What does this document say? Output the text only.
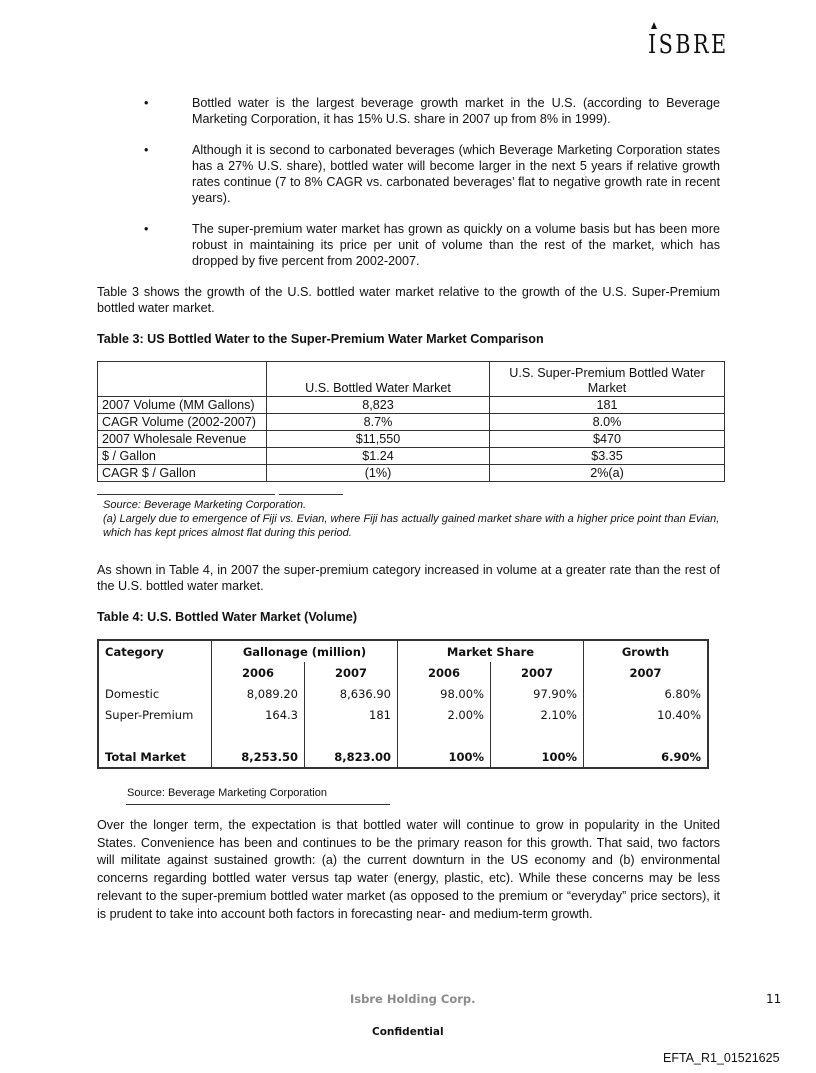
ISBRE
•	Bottled water is the largest beverage growth market in the U.S. (according to Beverage Marketing Corporation, it has 15% U.S. share in 2007 up from 8% in 1999).
•	Although it is second to carbonated beverages (which Beverage Marketing Corporation states has a 27% U.S. share), bottled water will become larger in the next 5 years if relative growth rates continue (7 to 8% CAGR vs. carbonated beverages’ flat to negative growth rate in recent years).
•	The super-premium water market has grown as quickly on a volume basis but has been more robust in maintaining its price per unit of volume than the rest of the market, which has dropped by five percent from 2002-2007.

Table 3 shows the growth of the U.S. bottled water market relative to the growth of the U.S. Super-Premium bottled water market.

Table 3: US Bottled Water to the Super-Premium Water Market Comparison

	U.S. Bottled Water Market	U.S. Super-Premium Bottled Water Market
2007 Volume (MM Gallons)	8,823	181
CAGR Volume (2002-2007)	8.7%	8.0%
2007 Wholesale Revenue	$11,550	$470
$ / Gallon	$1.24	$3.35
CAGR $ / Gallon	(1%)	2%(a)
Source: Beverage Marketing Corporation.
(a) Largely due to emergence of Fiji vs. Evian, where Fiji has actually gained market share with a higher price point than Evian, which has kept prices almost flat during this period.

As shown in Table 4, in 2007 the super-premium category increased in volume at a greater rate than the rest of the U.S. bottled water market.

Table 4: U.S. Bottled Water Market (Volume)

Category	Gallonage (million)		Market Share		Growth
	2006	2007	2006	2007	2007
Domestic	8,089.20	8,636.90	98.00%	97.90%	6.80%
Super-Premium	164.3	181	2.00%	2.10%	10.40%

Total Market	8,253.50	8,823.00	100%	100%	6.90%
Source: Beverage Marketing Corporation

Over the longer term, the expectation is that bottled water will continue to grow in popularity in the United States. Convenience has been and continues to be the primary reason for this growth. That said, two factors will militate against sustained growth: (a) the current downturn in the US economy and (b) environmental concerns regarding bottled water versus tap water (energy, plastic, etc). While these concerns may be less relevant to the super-premium bottled water market (as opposed to the premium or “everyday” price sectors), it is prudent to take into account both factors in forecasting near- and medium-term growth.

Isbre Holding Corp.	11
Confidential
EFTA_R1_01521625
